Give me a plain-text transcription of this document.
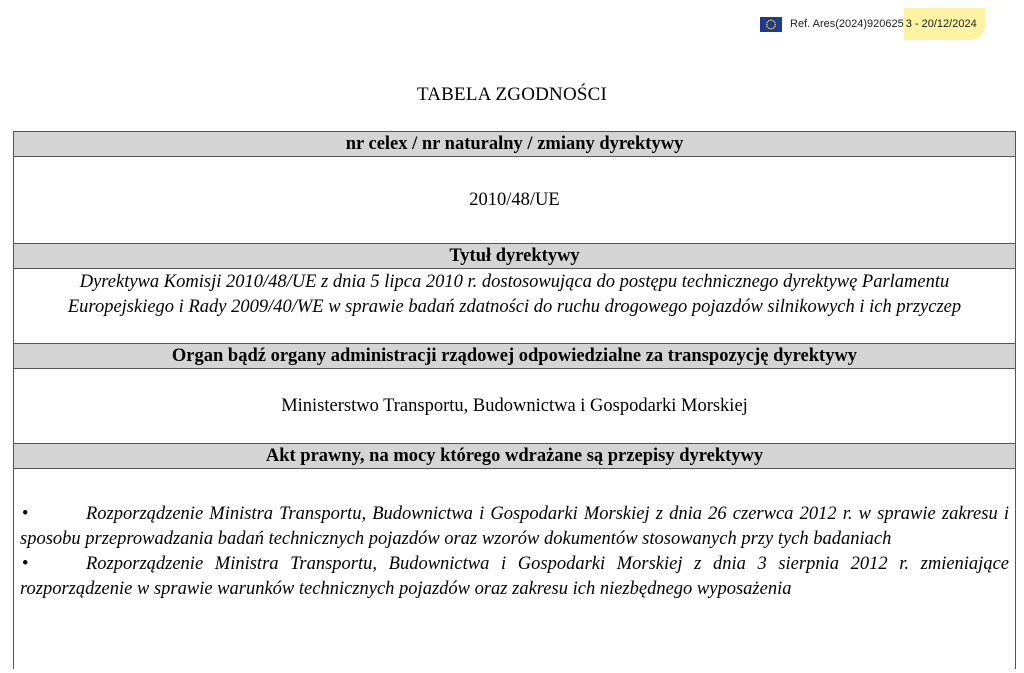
Ref. Ares(2024)920625 3 - 20/12/2024
TABELA ZGODNOŚCI
nr celex / nr naturalny / zmiany dyrektywy
2010/48/UE
Tytuł dyrektywy
Dyrektywa Komisji 2010/48/UE z dnia 5 lipca 2010 r. dostosowująca do postępu technicznego dyrektywę Parlamentu Europejskiego i Rady 2009/40/WE w sprawie badań zdatności do ruchu drogowego pojazdów silnikowych i ich przyczep
Organ bądź organy administracji rządowej odpowiedzialne za transpozycję dyrektywy
Ministerstwo Transportu, Budownictwa i Gospodarki Morskiej
Akt prawny, na mocy którego wdrażane są przepisy dyrektywy

•	Rozporządzenie Ministra Transportu, Budownictwa i Gospodarki Morskiej z dnia 26 czerwca 2012 r. w sprawie zakresu i sposobu przeprowadzania badań technicznych pojazdów oraz wzorów dokumentów stosowanych przy tych badaniach

•	Rozporządzenie Ministra Transportu, Budownictwa i Gospodarki Morskiej z dnia 3 sierpnia 2012 r. zmieniające rozporządzenie w sprawie warunków technicznych pojazdów oraz zakresu ich niezbędnego wyposażenia
